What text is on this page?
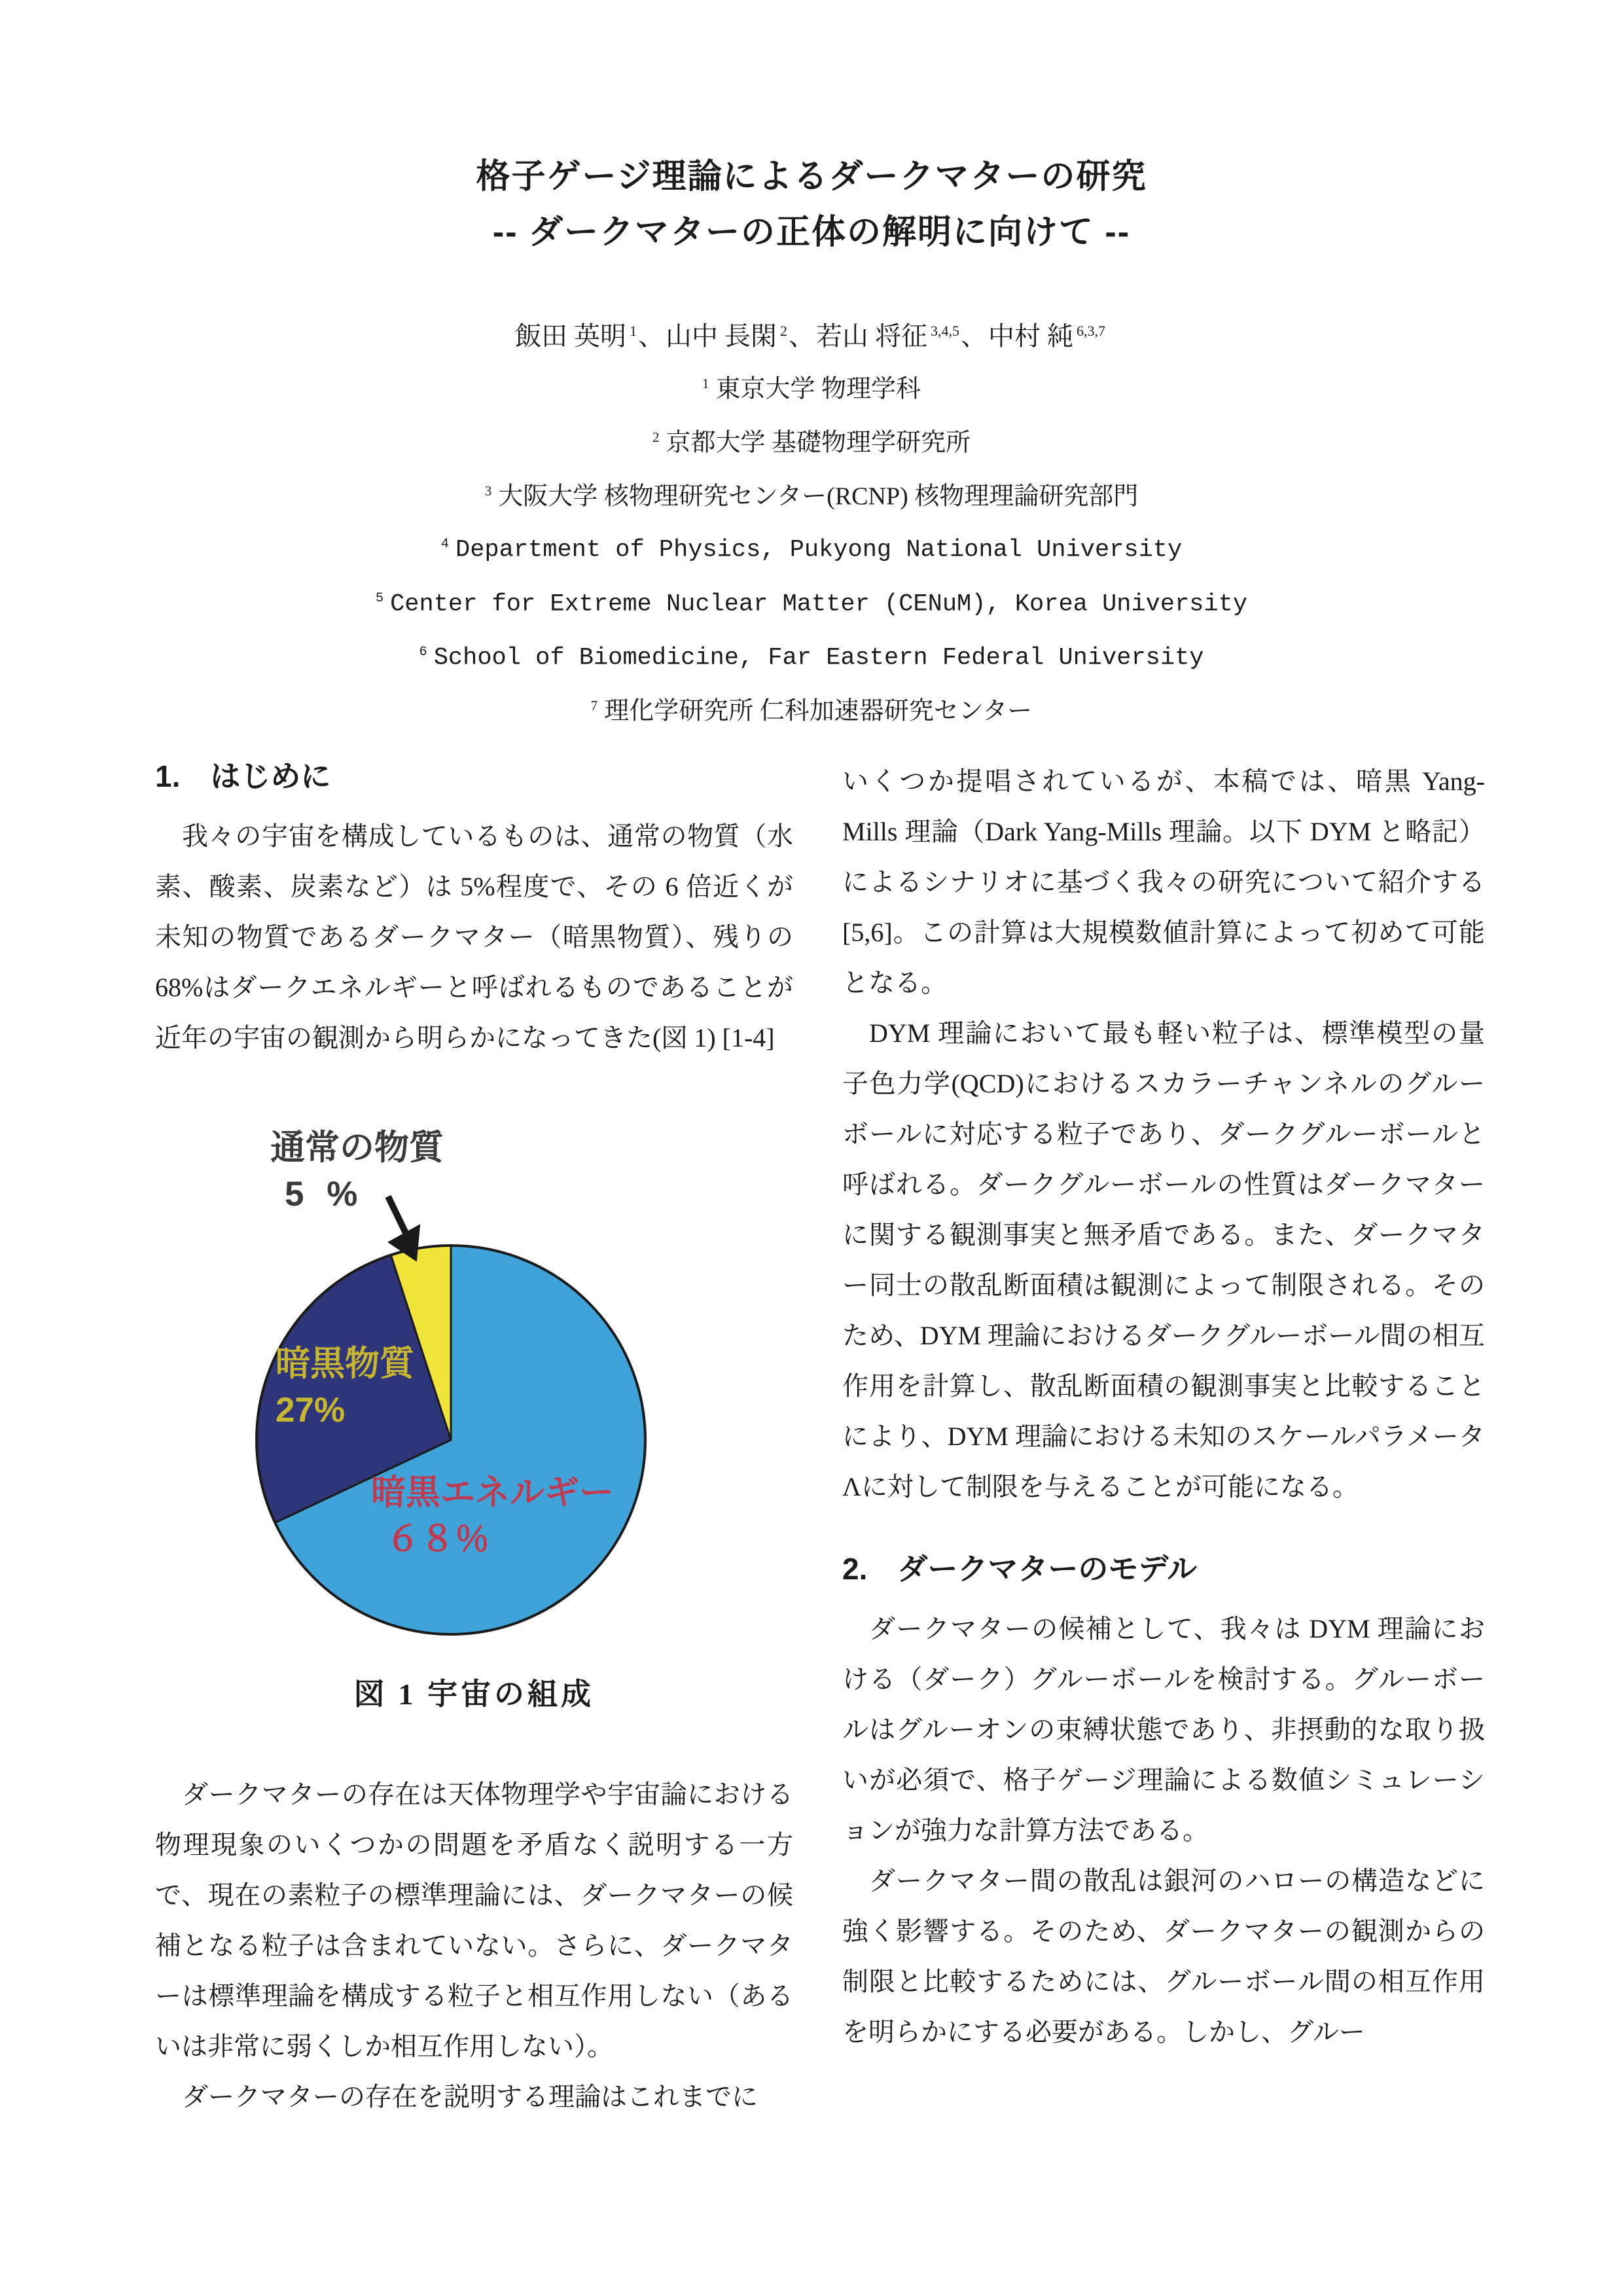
格子ゲージ理論によるダークマターの研究
-- ダークマターの正体の解明に向けて --
飯田 英明 $^1$、山中 長閑 $^2$、若山 将征 $^{3,4,5}$、中村 純 $^{6,3,7}$
$^1$ 東京大学 物理学科
$^2$ 京都大学 基礎物理学研究所
$^3$ 大阪大学 核物理研究センター(RCNP) 核物理理論研究部門
$^4$ Department of Physics, Pukyong National University
$^5$ Center for Extreme Nuclear Matter (CENuM), Korea University
$^6$ School of Biomedicine, Far Eastern Federal University
$^7$ 理化学研究所 仁科加速器研究センター
1.　はじめに

我々の宇宙を構成しているものは、通常の物質（水素、酸素、炭素など）は 5%程度で、その 6 倍近くが未知の物質であるダークマター（暗黒物質）、残りの 68%はダークエネルギーと呼ばれるものであることが近年の宇宙の観測から明らかになってきた(図 1) [1-4]

通常の物質
5 %
暗黒物質
27%
暗黒エネルギー
６８％
図 1 宇宙の組成

ダークマターの存在は天体物理学や宇宙論における物理現象のいくつかの問題を矛盾なく説明する一方で、現在の素粒子の標準理論には、ダークマターの候補となる粒子は含まれていない。さらに、ダークマターは標準理論を構成する粒子と相互作用しない（あるいは非常に弱くしか相互作用しない）。

ダークマターの存在を説明する理論はこれまでに

いくつか提唱されているが、本稿では、暗黒 Yang-Mills 理論（Dark Yang-Mills 理論。以下 DYM と略記）によるシナリオに基づく我々の研究について紹介する[5,6]。この計算は大規模数値計算によって初めて可能となる。

DYM 理論において最も軽い粒子は、標準模型の量子色力学(QCD)におけるスカラーチャンネルのグルーボールに対応する粒子であり、ダークグルーボールと呼ばれる。ダークグルーボールの性質はダークマターに関する観測事実と無矛盾である。また、ダークマター同士の散乱断面積は観測によって制限される。そのため、DYM 理論におけるダークグルーボール間の相互作用を計算し、散乱断面積の観測事実と比較することにより、DYM 理論における未知のスケールパラメータΛに対して制限を与えることが可能になる。

2.　ダークマターのモデル

ダークマターの候補として、我々は DYM 理論における（ダーク）グルーボールを検討する。グルーボールはグルーオンの束縛状態であり、非摂動的な取り扱いが必須で、格子ゲージ理論による数値シミュレーションが強力な計算方法である。

ダークマター間の散乱は銀河のハローの構造などに強く影響する。そのため、ダークマターの観測からの制限と比較するためには、グルーボール間の相互作用を明らかにする必要がある。しかし、グルー
